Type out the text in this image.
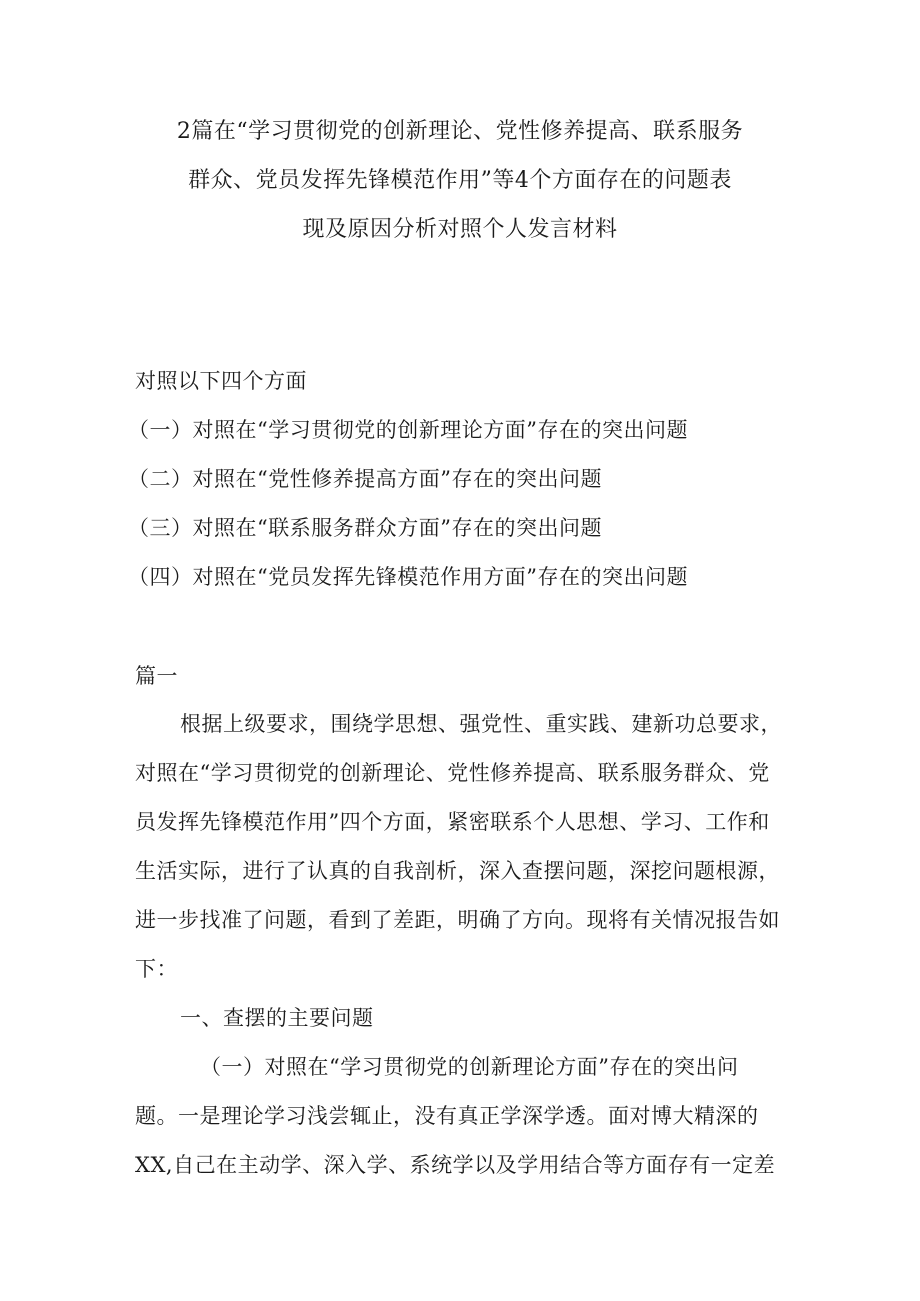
2篇在“学习贯彻党的创新理论、党性修养提高、联系服务
群众、党员发挥先锋模范作用”等4个方面存在的问题表
现及原因分析对照个人发言材料
对照以下四个方面
（一）对照在“学习贯彻党的创新理论方面”存在的突出问题
（二）对照在“党性修养提高方面”存在的突出问题
（三）对照在“联系服务群众方面”存在的突出问题
（四）对照在“党员发挥先锋模范作用方面”存在的突出问题
篇一
根据上级要求，围绕学思想、强党性、重实践、建新功总要求，
对照在“学习贯彻党的创新理论、党性修养提高、联系服务群众、党
员发挥先锋模范作用”四个方面，紧密联系个人思想、学习、工作和
生活实际，进行了认真的自我剖析，深入查摆问题，深挖问题根源，
进一步找准了问题，看到了差距，明确了方向。现将有关情况报告如
下：
一、查摆的主要问题
（一）对照在“学习贯彻党的创新理论方面”存在的突出问
题。一是理论学习浅尝辄止，没有真正学深学透。面对博大精深的
XX,自己在主动学、深入学、系统学以及学用结合等方面存有一定差
